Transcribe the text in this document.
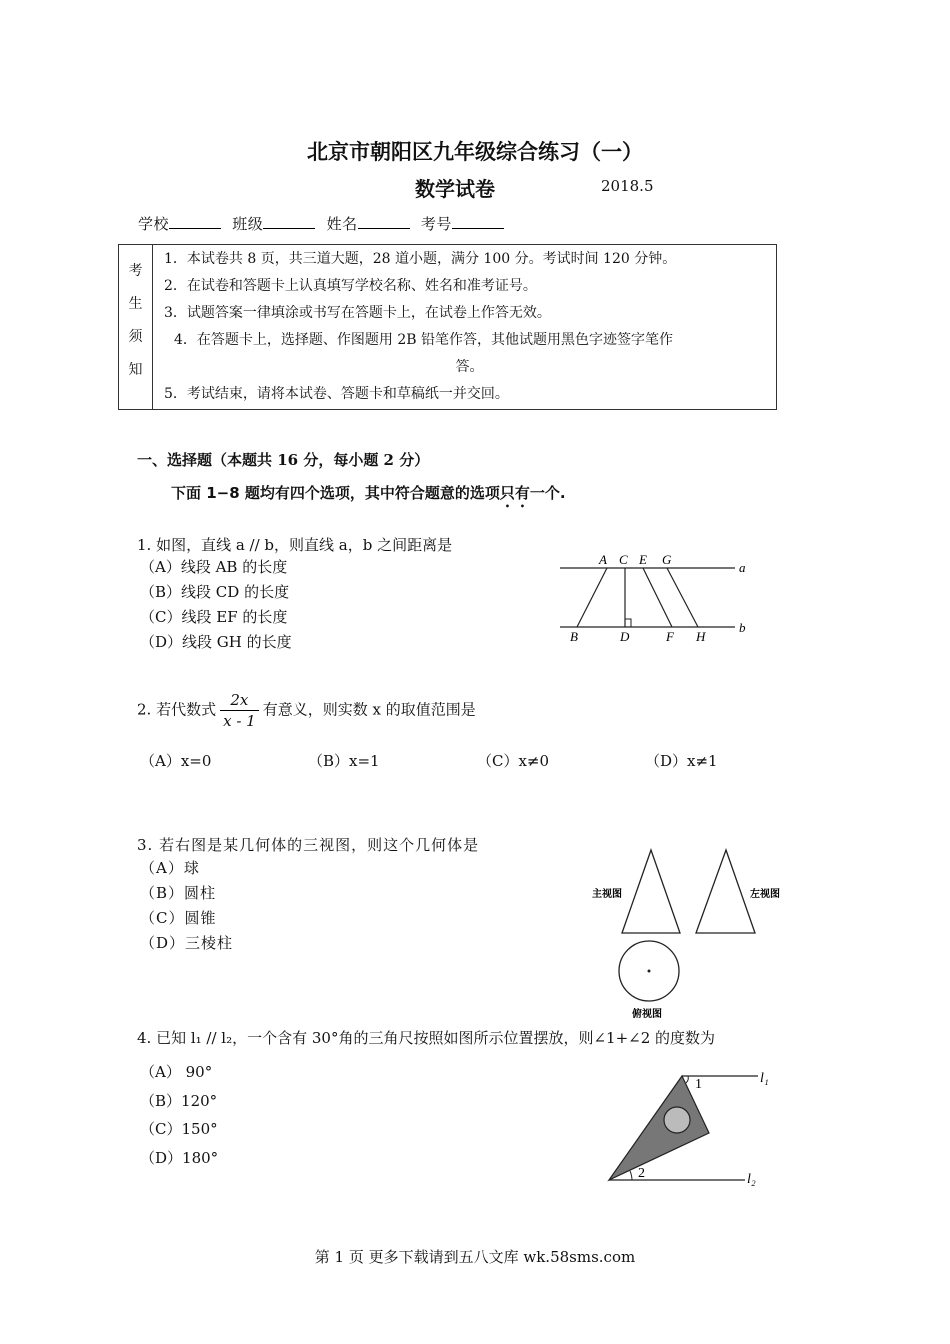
北京市朝阳区九年级综合练习（一）
数学试卷	2018.5
学校	班级	姓名	考号
考
生
须
知

1．本试卷共 8 页，共三道大题，28 道小题，满分 100 分。考试时间 120 分钟。
2．在试卷和答题卡上认真填写学校名称、姓名和准考证号。
3．试题答案一律填涂或书写在答题卡上，在试卷上作答无效。
4．在答题卡上，选择题、作图题用 2B 铅笔作答，其他试题用黑色字迹签字笔作
答。
5．考试结束，请将本试卷、答题卡和草稿纸一并交回。
一、选择题（本题共 16 分，每小题 2 分）
下面 1−8 题均有四个选项，其中符合题意的选项只有一个.
1. 如图，直线 a // b，则直线 a，b 之间距离是
（A）线段 AB 的长度
（B）线段 CD 的长度
（C）线段 EF 的长度
（D）线段 GH 的长度
A C E G
B	D	F H
a
b
2. 若代数式 $\frac{2x}{x - 1}$ 有意义，则实数 x 的取值范围是
（A）x=0	（B）x=1	（C）x≠0	（D）x≠1
3. 若右图是某几何体的三视图，则这个几何体是
（A）球
（B）圆柱
（C）圆锥
（D）三棱柱
主视图	左视图
俯视图
4. 已知 l₁ // l₂，一个含有 30°角的三角尺按照如图所示位置摆放，则∠1+∠2 的度数为
（A） 90°
（B）120°
（C）150°
（D）180°
1
2
l₁
l₂
第 1 页 更多下载请到五八文库 wk.58sms.com
